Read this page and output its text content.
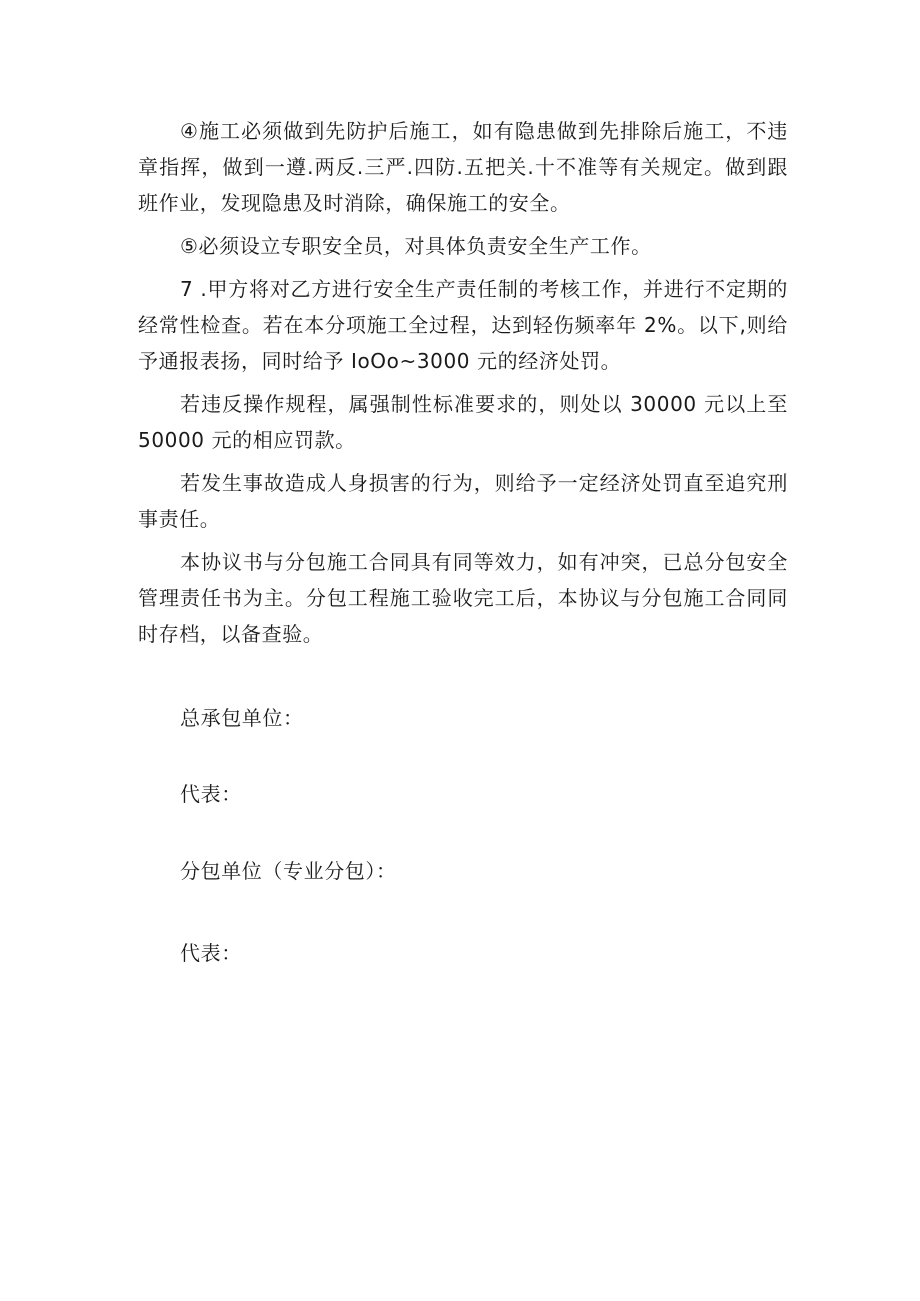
④施工必须做到先防护后施工，如有隐患做到先排除后施工，不违章指挥，做到一遵.两反.三严.四防.五把关.十不准等有关规定。做到跟班作业，发现隐患及时消除，确保施工的安全。

⑤必须设立专职安全员，对具体负责安全生产工作。

7 .甲方将对乙方进行安全生产责任制的考核工作，并进行不定期的经常性检查。若在本分项施工全过程，达到轻伤频率年 2%。以下,则给予通报表扬，同时给予 IoOo~3000 元的经济处罚。

若违反操作规程，属强制性标准要求的，则处以 30000 元以上至 50000 元的相应罚款。

若发生事故造成人身损害的行为，则给予一定经济处罚直至追究刑事责任。

本协议书与分包施工合同具有同等效力，如有冲突，已总分包安全管理责任书为主。分包工程施工验收完工后，本协议与分包施工合同同时存档，以备查验。

总承包单位：

代表：

分包单位（专业分包）：

代表：
